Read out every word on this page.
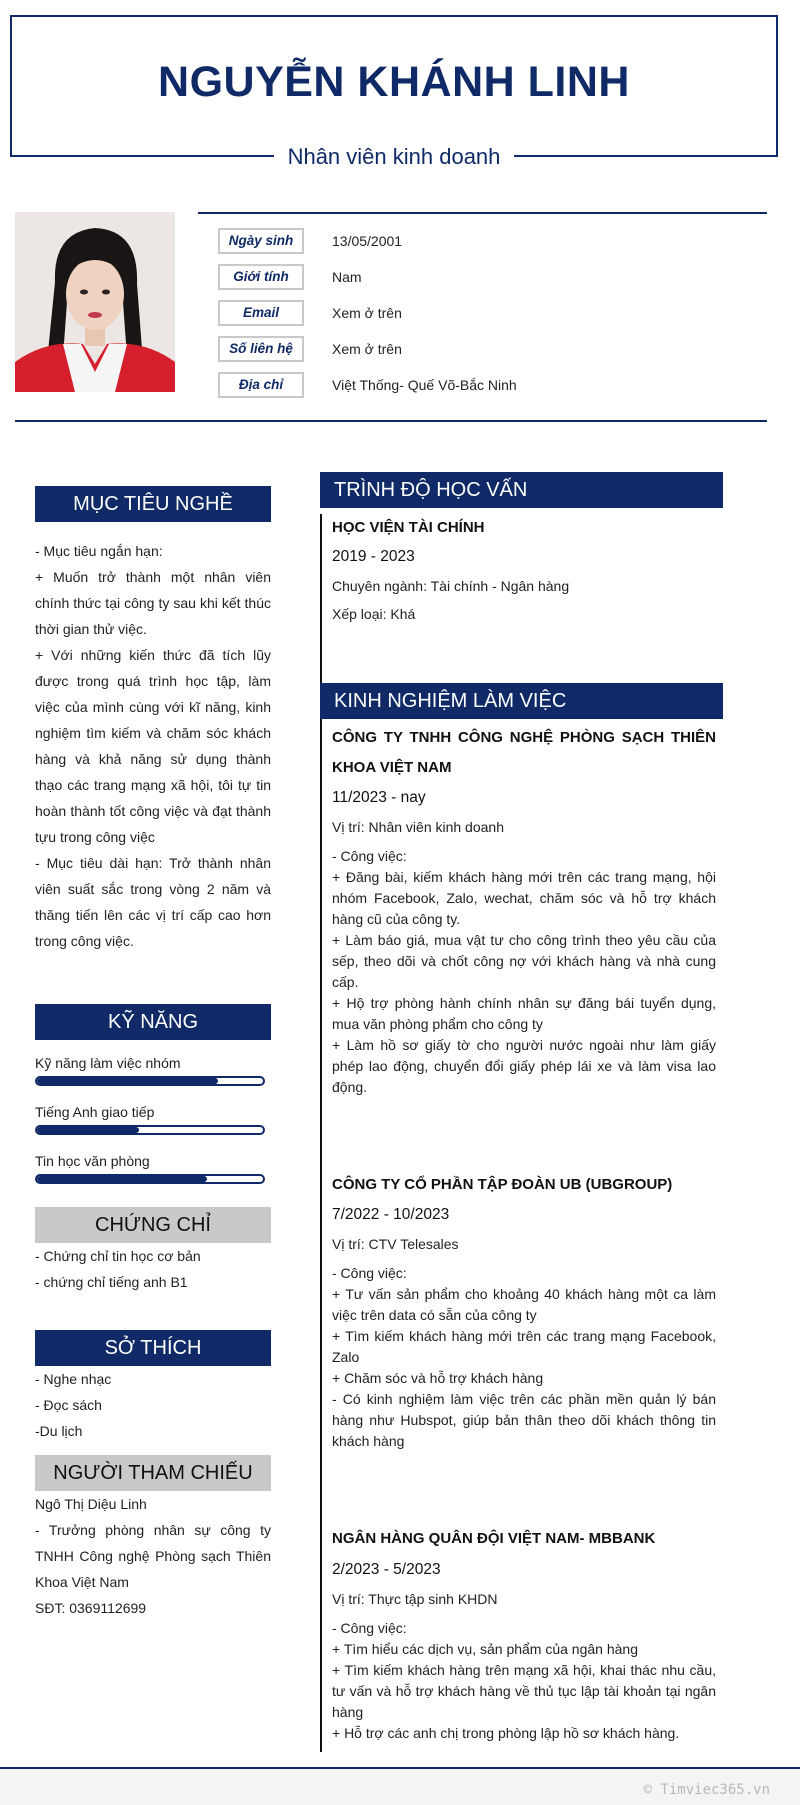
NGUYỄN KHÁNH LINH
Nhân viên kinh doanh
Ngày sinh	13/05/2001
Giới tính	Nam
Email	Xem ở trên
Số liên hệ	Xem ở trên
Địa chỉ	Việt Thống- Quế Võ-Bắc Ninh
MỤC TIÊU NGHỀ NGHIỆP

- Mục tiêu ngắn hạn:

+ Muốn trở thành một nhân viên chính thức tại công ty sau khi kết thúc thời gian thử việc.

+ Với những kiến thức đã tích lũy được trong quá trình học tập, làm việc của mình cùng với kĩ năng, kinh nghiệm tìm kiếm và chăm sóc khách hàng và khả năng sử dụng thành thạo các trang mạng xã hội, tôi tự tin hoàn thành tốt công việc và đạt thành tựu trong công việc

- Mục tiêu dài hạn: Trở thành nhân viên suất sắc trong vòng 2 năm và thăng tiến lên các vị trí cấp cao hơn trong công việc.

KỸ NĂNG
Kỹ năng làm việc nhóm
Tiếng Anh giao tiếp
Tin học văn phòng
CHỨNG CHỈ
- Chứng chỉ tin học cơ bản
- chứng chỉ tiếng anh B1
SỞ THÍCH
- Nghe nhạc
- Đọc sách
-Du lịch
NGƯỜI THAM CHIẾU

Ngô Thị Diệu Linh

- Trưởng phòng nhân sự công ty TNHH Công nghệ Phòng sạch Thiên Khoa Việt Nam

SĐT: 0369112699

TRÌNH ĐỘ HỌC VẤN
HỌC VIỆN TÀI CHÍNH
2019 - 2023
Chuyên ngành: Tài chính - Ngân hàng
Xếp loại: Khá
KINH NGHIỆM LÀM VIỆC
CÔNG TY TNHH CÔNG NGHỆ PHÒNG SẠCH THIÊN KHOA VIỆT NAM
11/2023 - nay
Vị trí: Nhân viên kinh doanh
- Công việc:
+ Đăng bài, kiếm khách hàng mới trên các trang mạng, hội nhóm Facebook, Zalo, wechat, chăm sóc và hỗ trợ khách hàng cũ của công ty.
+ Làm báo giá, mua vật tư cho công trình theo yêu cầu của sếp, theo dõi và chốt công nợ với khách hàng và nhà cung cấp.
+ Hộ trợ phòng hành chính nhân sự đăng bái tuyển dụng, mua văn phòng phẩm cho công ty
+ Làm hồ sơ giấy tờ cho người nước ngoài như làm giấy phép lao động, chuyển đổi giấy phép lái xe và làm visa lao động.
CÔNG TY CỔ PHẦN TẬP ĐOÀN UB (UBGROUP)
7/2022 - 10/2023
Vị trí: CTV Telesales
- Công việc:
+ Tư vấn sản phẩm cho khoảng 40 khách hàng một ca làm việc trên data có sẵn của công ty
+ Tìm kiếm khách hàng mới trên các trang mạng Facebook, Zalo
+ Chăm sóc và hỗ trợ khách hàng
- Có kinh nghiệm làm việc trên các phần mền quản lý bán hàng như Hubspot, giúp bản thân theo dõi khách thông tin khách hàng
NGÂN HÀNG QUÂN ĐỘI VIỆT NAM- MBBANK
2/2023 - 5/2023
Vị trí: Thực tập sinh KHDN
- Công việc:
+ Tìm hiểu các dịch vụ, sản phẩm của ngân hàng
+ Tìm kiếm khách hàng trên mạng xã hội, khai thác nhu cầu, tư vấn và hỗ trợ khách hàng về thủ tục lập tài khoản tại ngân hàng
+ Hỗ trợ các anh chị trong phòng lập hồ sơ khách hàng.
© Timviec365.vn
